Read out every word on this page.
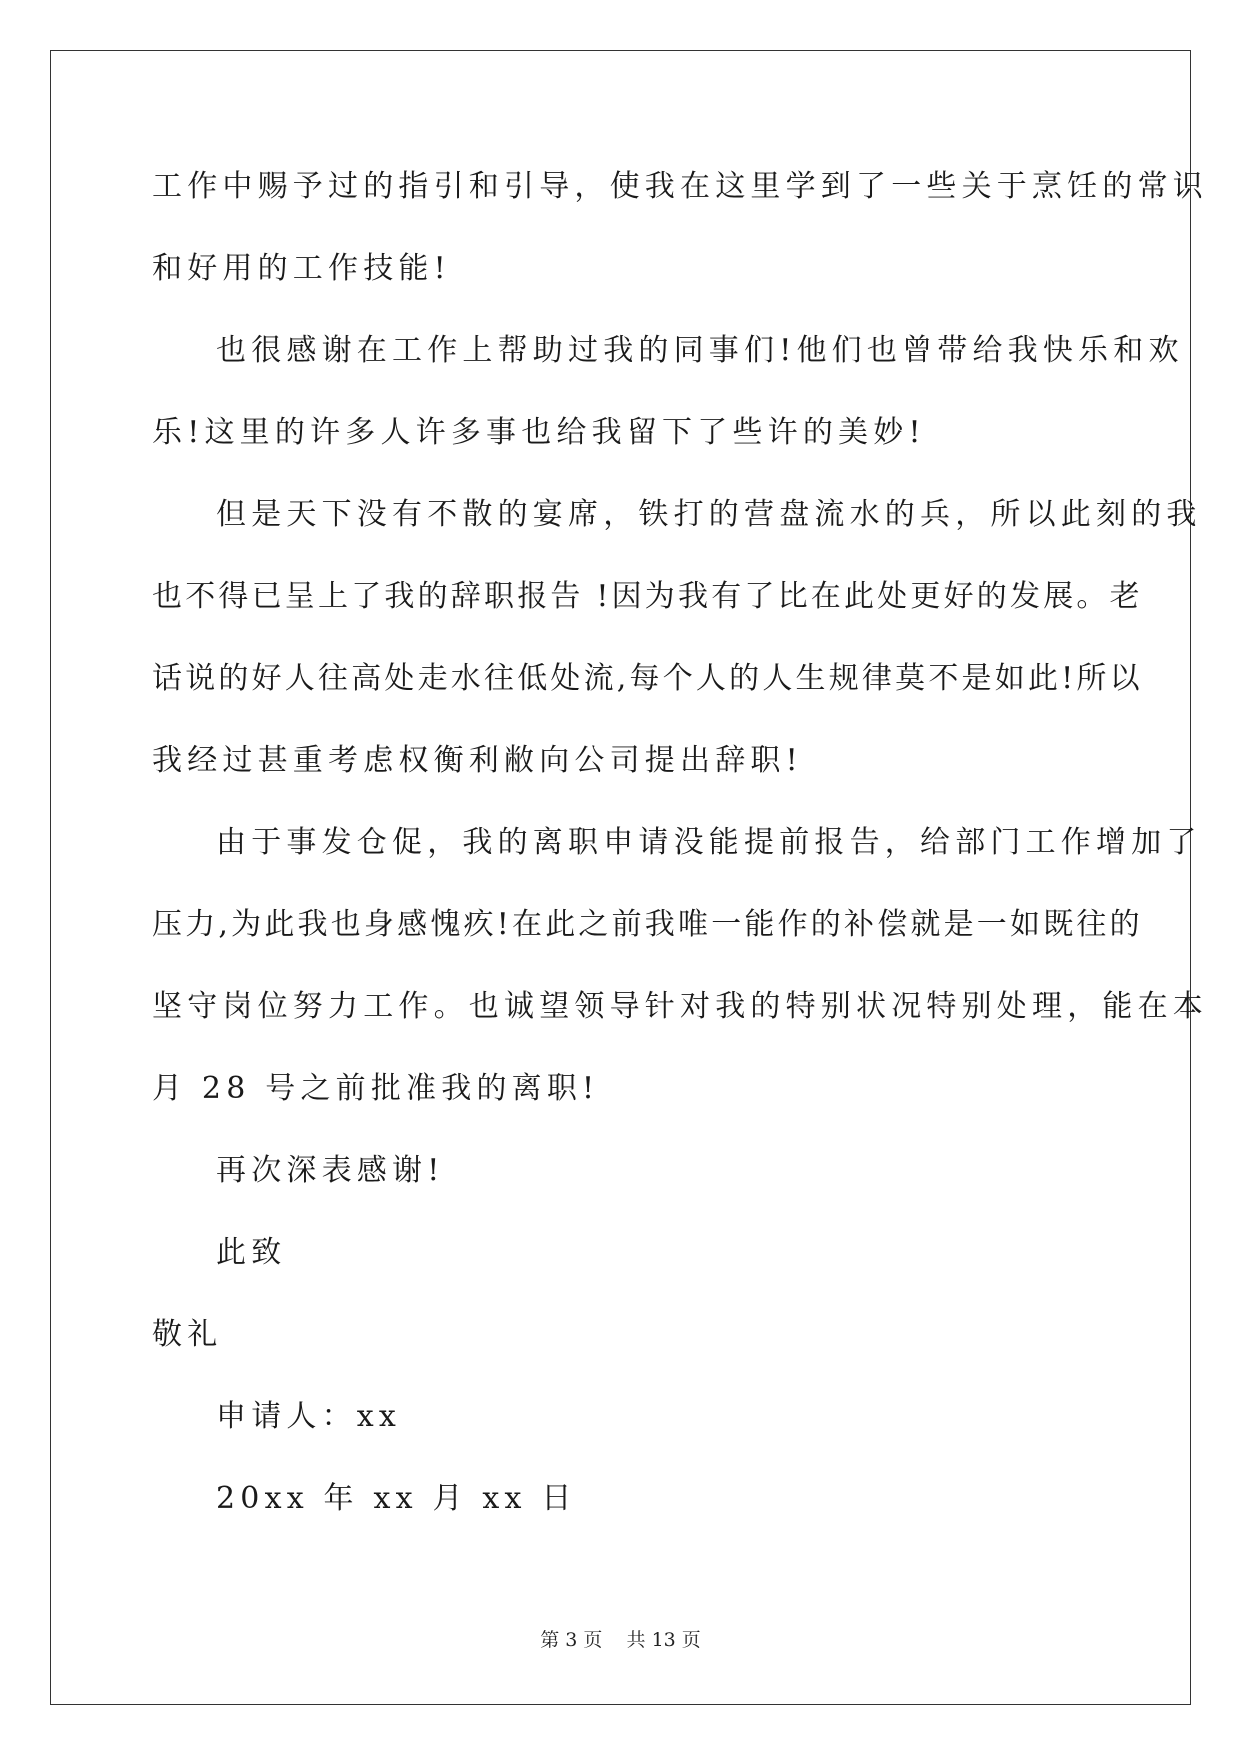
工作中赐予过的指引和引导，使我在这里学到了一些关于烹饪的常识
和好用的工作技能!
也很感谢在工作上帮助过我的同事们!他们也曾带给我快乐和欢
乐!这里的许多人许多事也给我留下了些许的美妙!
但是天下没有不散的宴席，铁打的营盘流水的兵，所以此刻的我
也不得已呈上了我的辞职报告 !因为我有了比在此处更好的发展。老
话说的好人往高处走水往低处流,每个人的人生规律莫不是如此!所以
我经过甚重考虑权衡利敝向公司提出辞职!
由于事发仓促，我的离职申请没能提前报告，给部门工作增加了
压力,为此我也身感愧疚!在此之前我唯一能作的补偿就是一如既往的
坚守岗位努力工作。也诚望领导针对我的特别状况特别处理，能在本
月 28 号之前批准我的离职!
再次深表感谢!
此致
敬礼
申请人：xx
20xx 年 xx 月 xx 日
第 3 页 共 13 页
